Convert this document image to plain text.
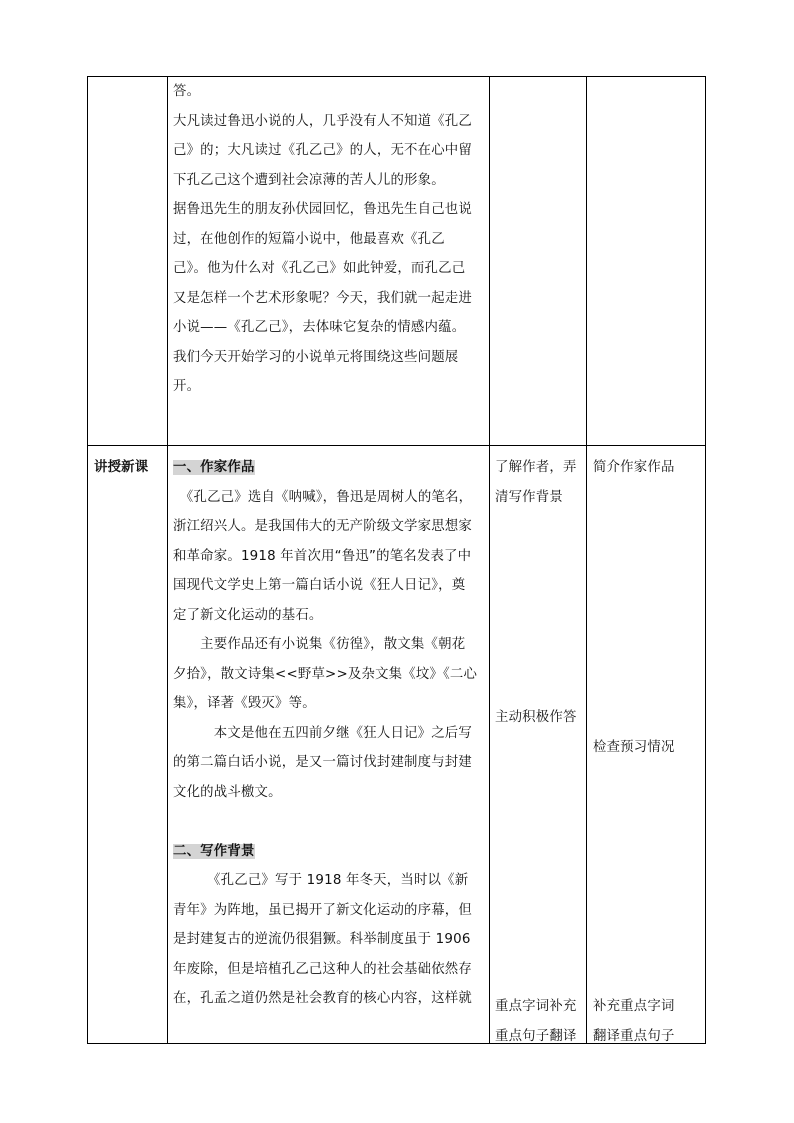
答。

大凡读过鲁迅小说的人，几乎没有人不知道《孔乙

己》的；大凡读过《孔乙己》的人，无不在心中留

下孔乙己这个遭到社会凉薄的苦人儿的形象。

据鲁迅先生的朋友孙伏园回忆，鲁迅先生自己也说

过，在他创作的短篇小说中，他最喜欢《孔乙

己》。他为什么对《孔乙己》如此钟爱，而孔乙己

又是怎样一个艺术形象呢？今天，我们就一起走进

小说——《孔乙己》，去体味它复杂的情感内蕴。

我们今天开始学习的小说单元将围绕这些问题展

开。

讲授新课 一、作家作品

　《孔乙己》选自《呐喊》，鲁迅是周树人的笔名，

浙江绍兴人。是我国伟大的无产阶级文学家思想家

和革命家。1918 年首次用“鲁迅”的笔名发表了中

国现代文学史上第一篇白话小说《狂人日记》，奠

定了新文化运动的基石。

　　主要作品还有小说集《彷徨》，散文集《朝花

夕拾》，散文诗集<<野草>>及杂文集《坟》《二心

集》，译著《毁灭》等。

　　　本文是他在五四前夕继《狂人日记》之后写

的第二篇白话小说，是又一篇讨伐封建制度与封建

文化的战斗檄文。

二、写作背景

　　　《孔乙己》写于 1918 年冬天，当时以《新

青年》为阵地，虽已揭开了新文化运动的序幕，但

是封建复古的逆流仍很猖獗。科举制度虽于 1906

年废除，但是培植孔乙己这种人的社会基础依然存

在，孔孟之道仍然是社会教育的核心内容，这样就

了解作者，弄

清写作背景

主动积极作答

重点字词补充

重点句子翻译

简介作家作品
检查预习情况

补充重点字词

翻译重点句子
